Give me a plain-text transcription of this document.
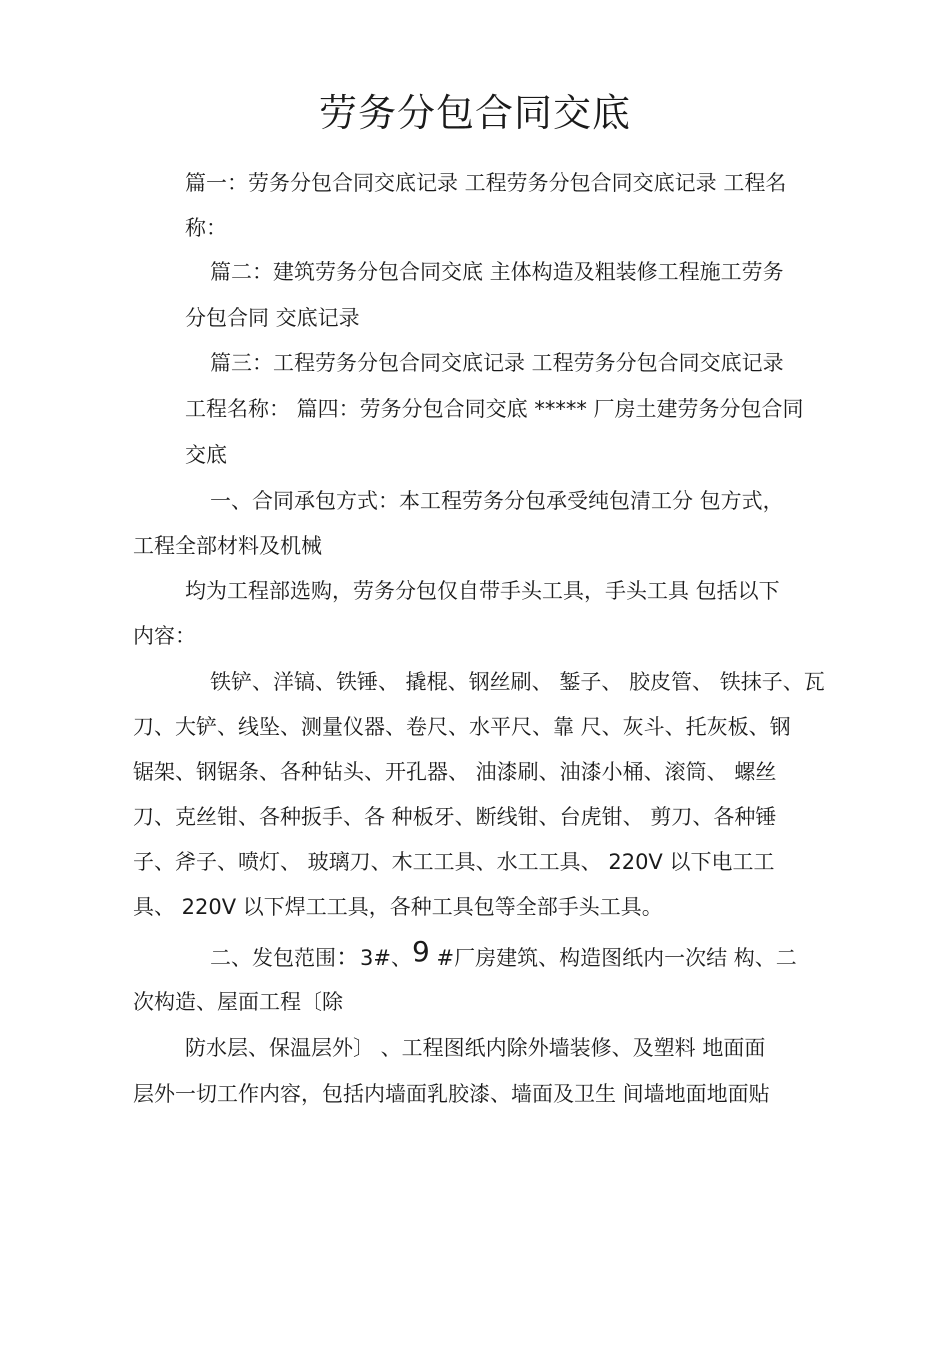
劳务分包合同交底

篇一：劳务分包合同交底记录 工程劳务分包合同交底记录 工程名

称：

篇二：建筑劳务分包合同交底 主体构造及粗装修工程施工劳务

分包合同 交底记录

篇三：工程劳务分包合同交底记录 工程劳务分包合同交底记录

工程名称： 篇四：劳务分包合同交底 ***** 厂房土建劳务分包合同

交底

一、合同承包方式：本工程劳务分包承受纯包清工分 包方式，

工程全部材料及机械

均为工程部选购，劳务分包仅自带手头工具，手头工具 包括以下

内容：

铁铲、洋镐、铁锤、 撬棍、钢丝刷、 錾子、 胶皮管、 铁抹子、瓦

刀、大铲、线坠、测量仪器、卷尺、水平尺、靠 尺、灰斗、托灰板、钢

锯架、钢锯条、各种钻头、开孔器、 油漆刷、油漆小桶、滚筒、 螺丝

刀、克丝钳、各种扳手、各 种板牙、断线钳、台虎钳、 剪刀、各种锤

子、斧子、喷灯、 玻璃刀、木工工具、水工工具、 220V 以下电工工

具、 220V 以下焊工工具，各种工具包等全部手头工具。

二、发包范围：3#、9 #厂房建筑、构造图纸内一次结 构、二

次构造、屋面工程〔除

防水层、保温层外〕 、工程图纸内除外墙装修、及塑料 地面面

层外一切工作内容，包括内墙面乳胶漆、墙面及卫生 间墙地面地面贴
